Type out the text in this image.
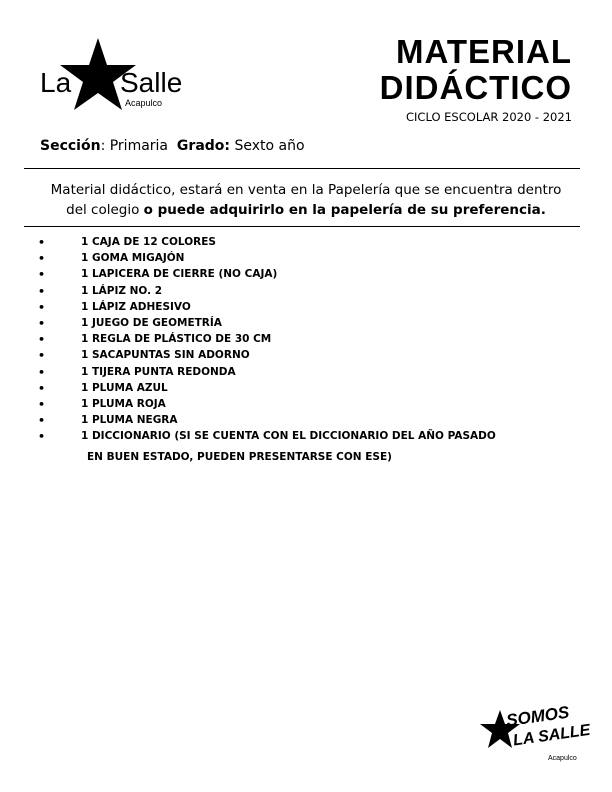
La Salle
Acapulco
MATERIAL
DIDÁCTICO
CICLO ESCOLAR 2020 - 2021
Sección: Primaria Grado: Sexto año
Material didáctico, estará en venta en la Papelería que se encuentra dentro del colegio o puede adquirirlo en la papelería de su preferencia.
•	1 CAJA DE 12 COLORES
•	1 GOMA MIGAJÓN
•	1 LAPICERA DE CIERRE (NO CAJA)
•	1 LÁPIZ NO. 2
•	1 LÁPIZ ADHESIVO
•	1 JUEGO DE GEOMETRÍA
•	1 REGLA DE PLÁSTICO DE 30 CM
•	1 SACAPUNTAS SIN ADORNO
•	1 TIJERA PUNTA REDONDA
•	1 PLUMA AZUL
•	1 PLUMA ROJA
•	1 PLUMA NEGRA
•	1 DICCIONARIO (SI SE CUENTA CON EL DICCIONARIO DEL AÑO PASADO
EN BUEN ESTADO, PUEDEN PRESENTARSE CON ESE)
SOMOS
LA SALLE
Acapulco
